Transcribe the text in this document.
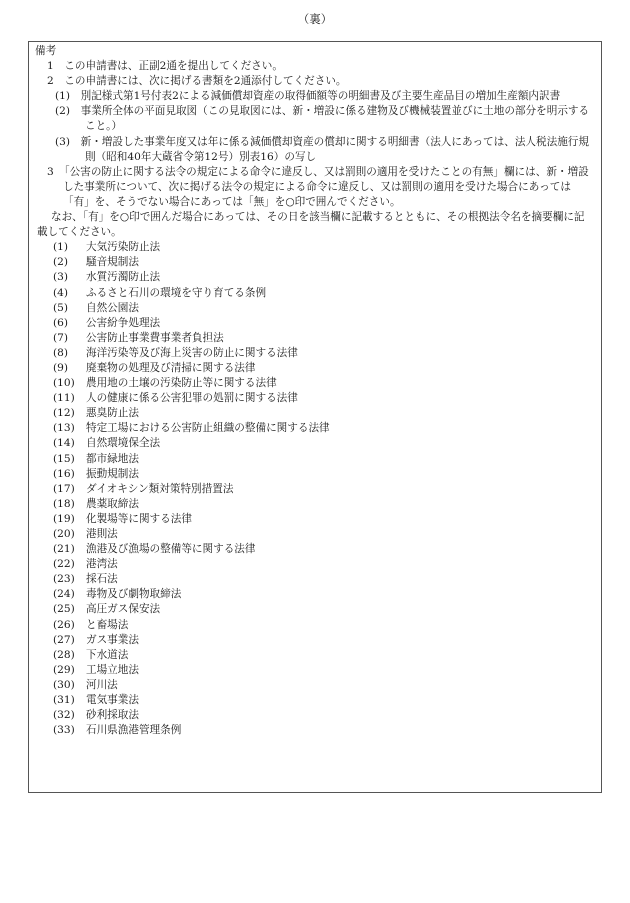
（裏）

備考

1　この申請書は、正副2通を提出してください。

2　この申請書には、次に掲げる書類を2通添付してください。

(1)　別記様式第1号付表2による減価償却資産の取得価額等の明細書及び主要生産品目の増加生産額内訳書

(2)　事業所全体の平面見取図（この見取図には、新・増設に係る建物及び機械装置並びに土地の部分を明示すること。）

(3)　新・増設した事業年度又は年に係る減価償却資産の償却に関する明細書（法人にあっては、法人税法施行規則（昭和40年大蔵省令第12号）別表16）の写し

3　「公害の防止に関する法令の規定による命令に違反し、又は罰則の適用を受けたことの有無」欄には、新・増設した事業所について、次に掲げる法令の規定による命令に違反し、又は罰則の適用を受けた場合にあっては「有」を、そうでない場合にあっては「無」を○印で囲んでください。

なお、「有」を○印で囲んだ場合にあっては、その日を該当欄に記載するとともに、その根拠法令名を摘要欄に記載してください。

(1)	大気汚染防止法
(2)	騒音規制法
(3)	水質汚濁防止法
(4)	ふるさと石川の環境を守り育てる条例
(5)	自然公園法
(6)	公害紛争処理法
(7)	公害防止事業費事業者負担法
(8)	海洋汚染等及び海上災害の防止に関する法律
(9)	廃棄物の処理及び清掃に関する法律
(10)	農用地の土壌の汚染防止等に関する法律
(11)	人の健康に係る公害犯罪の処罰に関する法律
(12)	悪臭防止法
(13)	特定工場における公害防止組織の整備に関する法律
(14)	自然環境保全法
(15)	都市緑地法
(16)	振動規制法
(17)	ダイオキシン類対策特別措置法
(18)	農薬取締法
(19)	化製場等に関する法律
(20)	港則法
(21)	漁港及び漁場の整備等に関する法律
(22)	港湾法
(23)	採石法
(24)	毒物及び劇物取締法
(25)	高圧ガス保安法
(26)	と畜場法
(27)	ガス事業法
(28)	下水道法
(29)	工場立地法
(30)	河川法
(31)	電気事業法
(32)	砂利採取法
(33)	石川県漁港管理条例
